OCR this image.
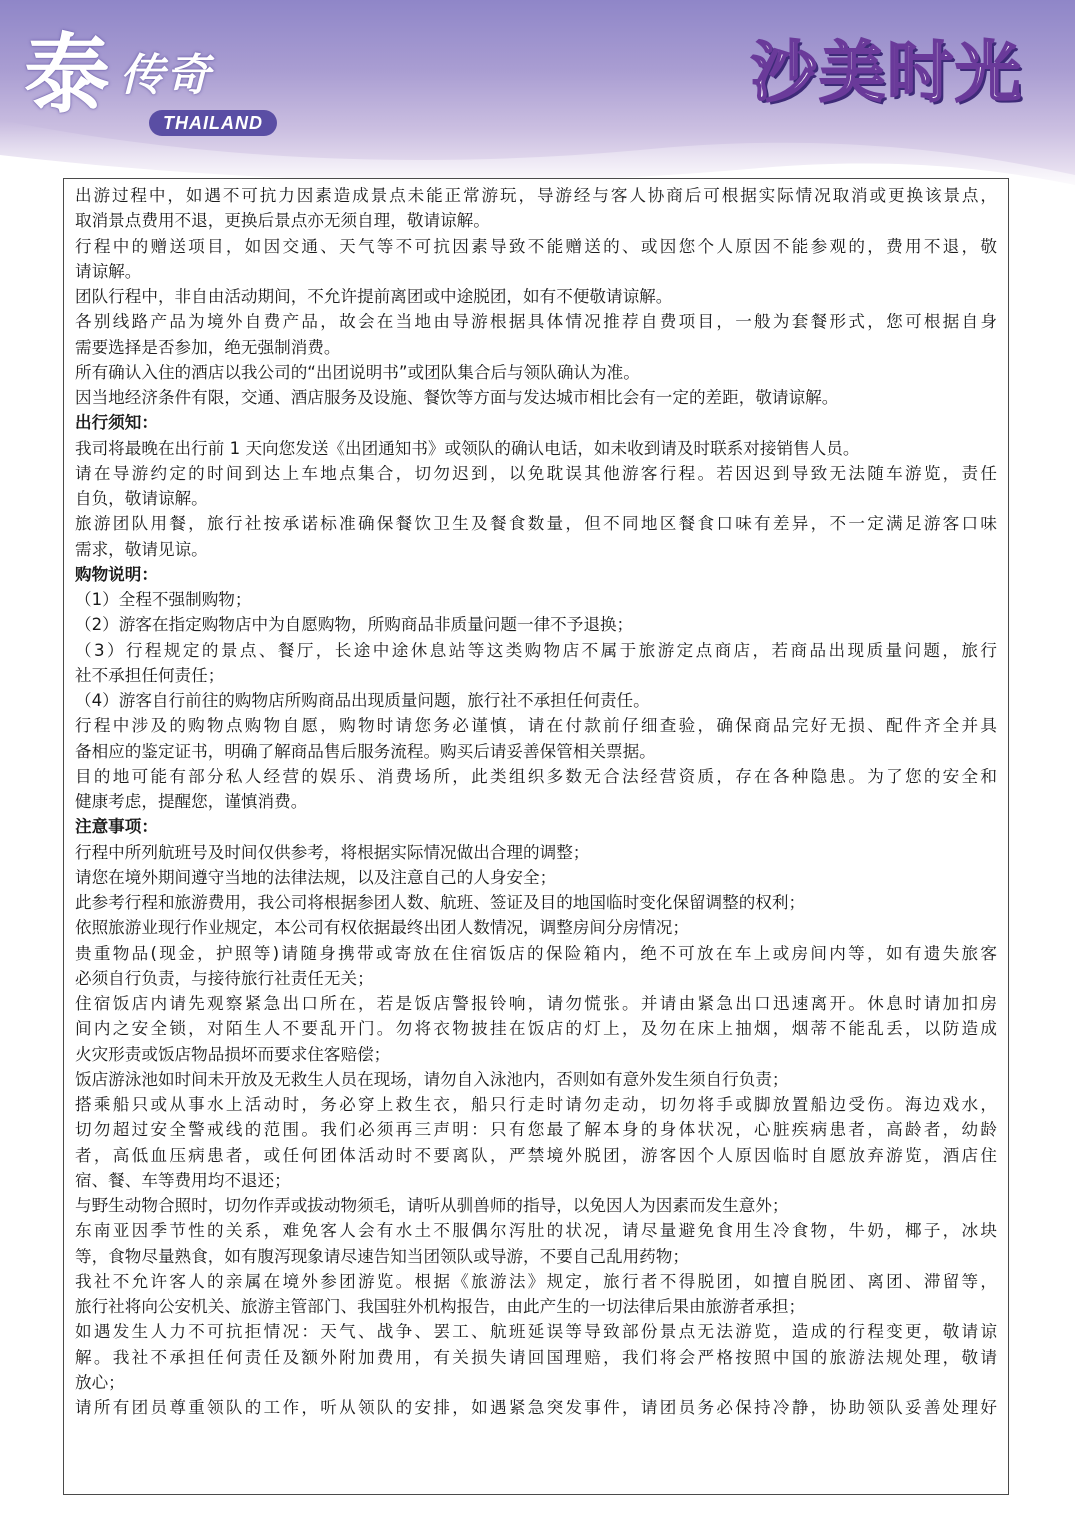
泰 传奇
THAILAND
沙美时光
出游过程中，如遇不可抗力因素造成景点未能正常游玩，导游经与客人协商后可根据实际情况取消或更换该景点，
取消景点费用不退，更换后景点亦无须自理，敬请谅解。
行程中的赠送项目，如因交通、天气等不可抗因素导致不能赠送的、或因您个人原因不能参观的，费用不退，敬
请谅解。
团队行程中，非自由活动期间，不允许提前离团或中途脱团，如有不便敬请谅解。
各别线路产品为境外自费产品，故会在当地由导游根据具体情况推荐自费项目，一般为套餐形式，您可根据自身
需要选择是否参加，绝无强制消费。
所有确认入住的酒店以我公司的“出团说明书”或团队集合后与领队确认为准。
因当地经济条件有限，交通、酒店服务及设施、餐饮等方面与发达城市相比会有一定的差距，敬请谅解。
出行须知：
我司将最晚在出行前 1 天向您发送《出团通知书》或领队的确认电话，如未收到请及时联系对接销售人员。
请在导游约定的时间到达上车地点集合，切勿迟到，以免耽误其他游客行程。若因迟到导致无法随车游览，责任
自负，敬请谅解。
旅游团队用餐，旅行社按承诺标准确保餐饮卫生及餐食数量，但不同地区餐食口味有差异，不一定满足游客口味
需求，敬请见谅。
购物说明：
（1）全程不强制购物；
（2）游客在指定购物店中为自愿购物，所购商品非质量问题一律不予退换；
（3）行程规定的景点、餐厅，长途中途休息站等这类购物店不属于旅游定点商店，若商品出现质量问题，旅行
社不承担任何责任；
（4）游客自行前往的购物店所购商品出现质量问题，旅行社不承担任何责任。
行程中涉及的购物点购物自愿，购物时请您务必谨慎，请在付款前仔细查验，确保商品完好无损、配件齐全并具
备相应的鉴定证书，明确了解商品售后服务流程。购买后请妥善保管相关票据。
目的地可能有部分私人经营的娱乐、消费场所，此类组织多数无合法经营资质，存在各种隐患。为了您的安全和
健康考虑，提醒您，谨慎消费。
注意事项：
行程中所列航班号及时间仅供参考，将根据实际情况做出合理的调整；
请您在境外期间遵守当地的法律法规，以及注意自己的人身安全；
此参考行程和旅游费用，我公司将根据参团人数、航班、签证及目的地国临时变化保留调整的权利；
依照旅游业现行作业规定，本公司有权依据最终出团人数情况，调整房间分房情况；
贵重物品(现金，护照等)请随身携带或寄放在住宿饭店的保险箱内，绝不可放在车上或房间内等，如有遗失旅客
必须自行负责，与接待旅行社责任无关；
住宿饭店内请先观察紧急出口所在，若是饭店警报铃响，请勿慌张。并请由紧急出口迅速离开。休息时请加扣房
间内之安全锁，对陌生人不要乱开门。勿将衣物披挂在饭店的灯上，及勿在床上抽烟，烟蒂不能乱丢，以防造成
火灾形责或饭店物品损坏而要求住客赔偿；
饭店游泳池如时间未开放及无救生人员在现场，请勿自入泳池内，否则如有意外发生须自行负责；
搭乘船只或从事水上活动时，务必穿上救生衣，船只行走时请勿走动，切勿将手或脚放置船边受伤。海边戏水，
切勿超过安全警戒线的范围。我们必须再三声明：只有您最了解本身的身体状况，心脏疾病患者，高龄者，幼龄
者，高低血压病患者，或任何团体活动时不要离队，严禁境外脱团，游客因个人原因临时自愿放弃游览，酒店住
宿、餐、车等费用均不退还；
与野生动物合照时，切勿作弄或拔动物须毛，请听从驯兽师的指导，以免因人为因素而发生意外；
东南亚因季节性的关系，难免客人会有水土不服偶尔泻肚的状况，请尽量避免食用生冷食物，牛奶，椰子，冰块
等，食物尽量熟食，如有腹泻现象请尽速告知当团领队或导游，不要自己乱用药物；
我社不允许客人的亲属在境外参团游览。根据《旅游法》规定，旅行者不得脱团，如擅自脱团、离团、滞留等，
旅行社将向公安机关、旅游主管部门、我国驻外机构报告，由此产生的一切法律后果由旅游者承担；
如遇发生人力不可抗拒情况：天气、战争、罢工、航班延误等导致部份景点无法游览，造成的行程变更，敬请谅
解。我社不承担任何责任及额外附加费用，有关损失请回国理赔，我们将会严格按照中国的旅游法规处理，敬请
放心；
请所有团员尊重领队的工作，听从领队的安排，如遇紧急突发事件，请团员务必保持冷静，协助领队妥善处理好
